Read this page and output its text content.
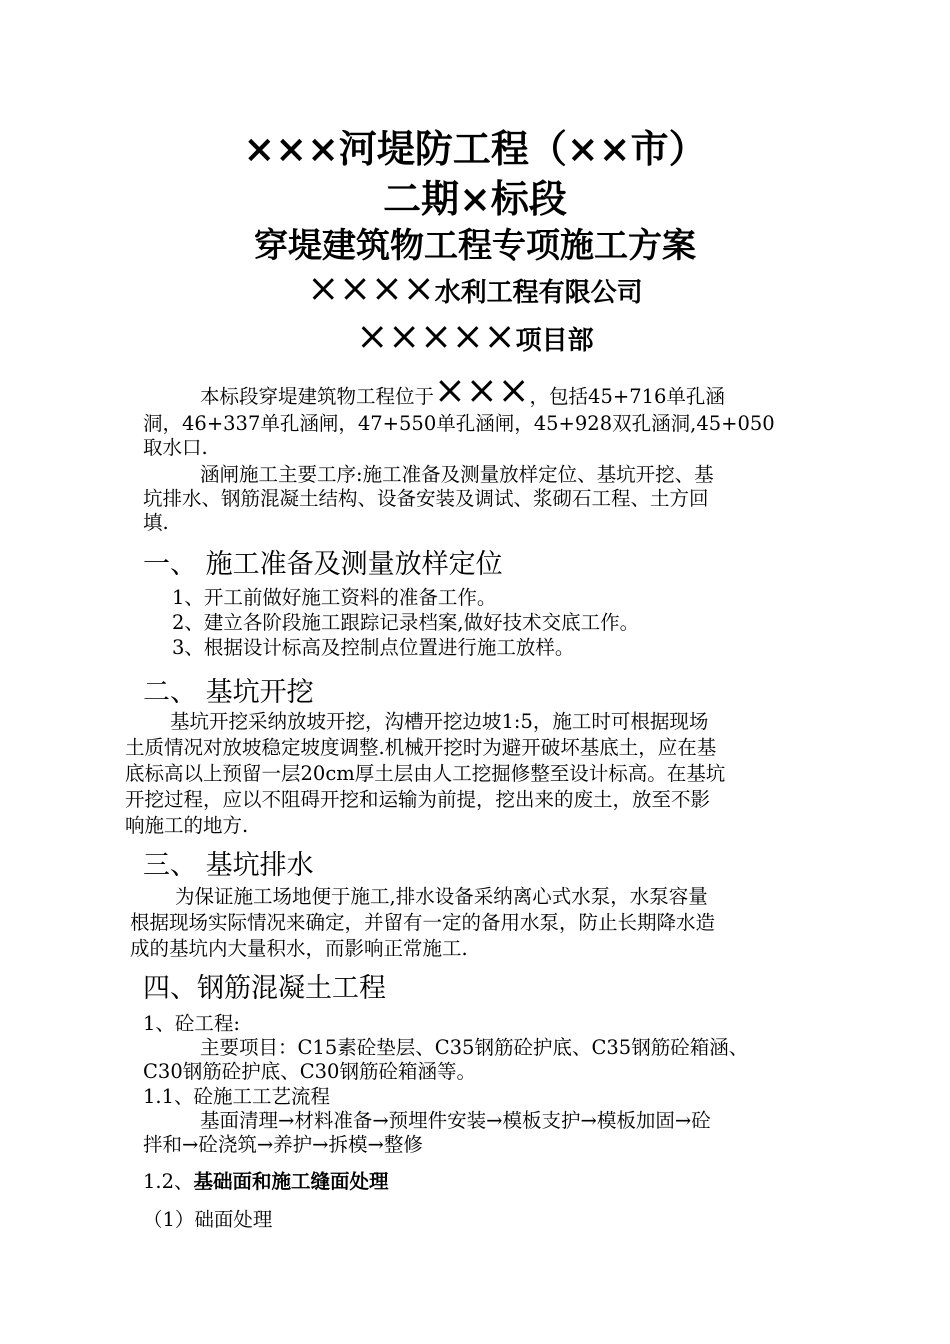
×××河堤防工程（××市）
二期×标段
穿堤建筑物工程专项施工方案
××××水利工程有限公司
×××××项目部
本标段穿堤建筑物工程位于×××，包括45+716单孔涵
洞，46+337单孔涵闸，47+550单孔涵闸，45+928双孔涵洞,45+050
取水口.
涵闸施工主要工序:施工准备及测量放样定位、基坑开挖、基
坑排水、钢筋混凝土结构、设备安装及调试、浆砌石工程、土方回
填.
一、 施工准备及测量放样定位
1、开工前做好施工资料的准备工作。
2、建立各阶段施工跟踪记录档案,做好技术交底工作。
3、根据设计标高及控制点位置进行施工放样。
二、 基坑开挖
基坑开挖采纳放坡开挖，沟槽开挖边坡1:5，施工时可根据现场
土质情况对放坡稳定坡度调整.机械开挖时为避开破坏基底土，应在基
底标高以上预留一层20cm厚土层由人工挖掘修整至设计标高。在基坑
开挖过程，应以不阻碍开挖和运输为前提，挖出来的废土，放至不影
响施工的地方.
三、 基坑排水
为保证施工场地便于施工,排水设备采纳离心式水泵，水泵容量
根据现场实际情况来确定，并留有一定的备用水泵，防止长期降水造
成的基坑内大量积水，而影响正常施工.
四、钢筋混凝土工程
1、砼工程:
主要项目：C15素砼垫层、C35钢筋砼护底、C35钢筋砼箱涵、
C30钢筋砼护底、C30钢筋砼箱涵等。
1.1、砼施工工艺流程
基面清理→材料准备→预埋件安装→模板支护→模板加固→砼
拌和→砼浇筑→养护→拆模→整修
1.2、基础面和施工缝面处理
（1）础面处理
